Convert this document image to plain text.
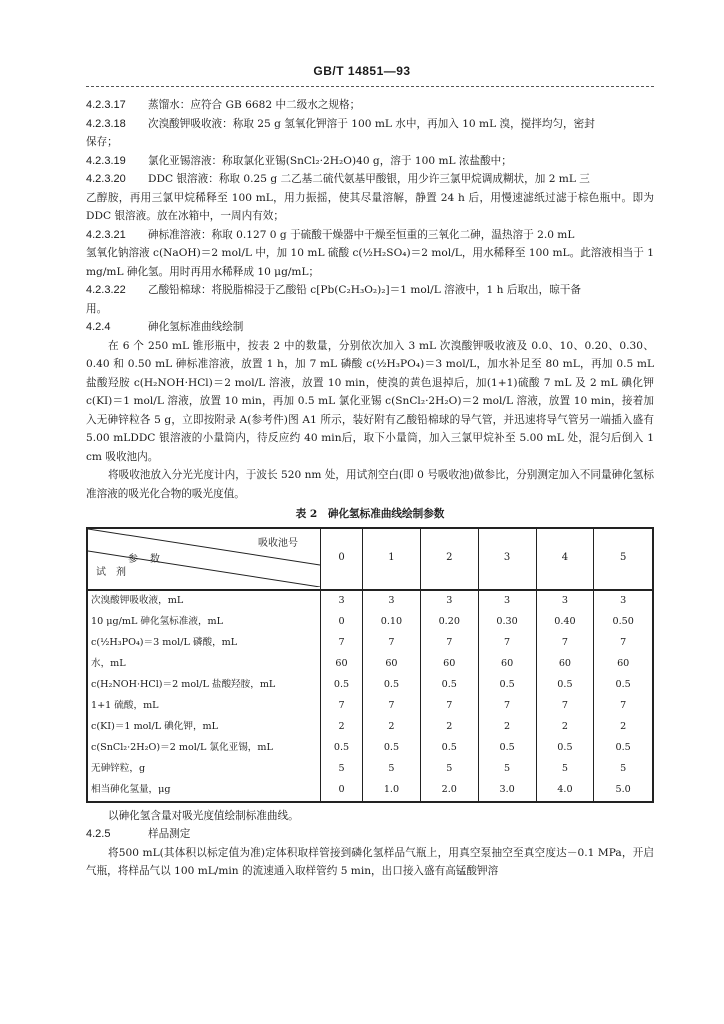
GB/T 14851—93
4.2.3.17	蒸馏水：应符合 GB 6682 中二级水之规格；
4.2.3.18	次溴酸钾吸收液：称取 25 g 氢氧化钾溶于 100 mL 水中，再加入 10 mL 溴，搅拌均匀，密封

保存；

4.2.3.19	氯化亚锡溶液：称取氯化亚锡(SnCl₂·2H₂O)40 g，溶于 100 mL 浓盐酸中；
4.2.3.20	DDC 银溶液：称取 0.25 g 二乙基二硫代氨基甲酸银，用少许三氯甲烷调成糊状，加 2 mL 三

乙醇胺，再用三氯甲烷稀释至 100 mL，用力振摇，使其尽量溶解，静置 24 h 后，用慢速滤纸过滤于棕色瓶中。即为 DDC 银溶液。放在冰箱中，一周内有效；

4.2.3.21	砷标准溶液：称取 0.127 0 g 于硫酸干燥器中干燥至恒重的三氧化二砷，温热溶于 2.0 mL

氢氧化钠溶液 c(NaOH)＝2 mol/L 中，加 10 mL 硫酸 c(½H₂SO₄)＝2 mol/L，用水稀释至 100 mL。此溶液相当于 1 mg/mL 砷化氢。用时再用水稀释成 10 μg/mL；

4.2.3.22	乙酸铅棉球：将脱脂棉浸于乙酸铅 c[Pb(C₂H₃O₂)₂]＝1 mol/L 溶液中，1 h 后取出，晾干备

用。

4.2.4	砷化氢标准曲线绘制

在 6 个 250 mL 锥形瓶中，按表 2 中的数量，分别依次加入 3 mL 次溴酸钾吸收液及 0.0、10、0.20、0.30、0.40 和 0.50 mL 砷标准溶液，放置 1 h，加 7 mL 磷酸 c(½H₃PO₄)＝3 mol/L，加水补足至 80 mL，再加 0.5 mL 盐酸羟胺 c(H₂NOH·HCl)＝2 mol/L 溶液，放置 10 min，使溴的黄色退掉后，加(1+1)硫酸 7 mL 及 2 mL 碘化钾 c(KI)＝1 mol/L 溶液，放置 10 min，再加 0.5 mL 氯化亚锡 c(SnCl₂·2H₂O)＝2 mol/L 溶液，放置 10 min，接着加入无砷锌粒各 5 g，立即按附录 A(参考件)图 A1 所示，装好附有乙酸铅棉球的导气管，并迅速将导气管另一端插入盛有 5.00 mLDDC 银溶液的小量筒内，待反应约 40 min后，取下小量筒，加入三氯甲烷补至 5.00 mL 处，混匀后倒入 1 cm 吸收池内。

将吸收池放入分光光度计内，于波长 520 nm 处，用试剂空白(即 0 号吸收池)做参比，分别测定加入不同量砷化氢标准溶液的吸光化合物的吸光度值。

表 2　砷化氢标准曲线绘制参数
吸收池号
参数
试剂	0	1	2	3	4	5
次溴酸钾吸收液，mL	3	3	3	3	3	3
10 μg/mL 砷化氢标准液，mL	0	0.10	0.20	0.30	0.40	0.50
c(½H₃PO₄)＝3 mol/L 磷酸，mL	7	7	7	7	7	7
水，mL	60	60	60	60	60	60
c(H₂NOH·HCl)＝2 mol/L 盐酸羟胺，mL	0.5	0.5	0.5	0.5	0.5	0.5
1+1 硫酸，mL	7	7	7	7	7	7
c(KI)＝1 mol/L 碘化钾，mL	2	2	2	2	2	2
c(SnCl₂·2H₂O)＝2 mol/L 氯化亚锡，mL	0.5	0.5	0.5	0.5	0.5	0.5
无砷锌粒，g	5	5	5	5	5	5
相当砷化氢量，μg	0	1.0	2.0	3.0	4.0	5.0

以砷化氢含量对吸光度值绘制标准曲线。

4.2.5	样品测定

将500 mL(其体积以标定值为准)定体积取样管接到磷化氢样品气瓶上，用真空泵抽空至真空度达－0.1 MPa，开启气瓶，将样品气以 100 mL/min 的流速通入取样管约 5 min，出口接入盛有高锰酸钾溶
